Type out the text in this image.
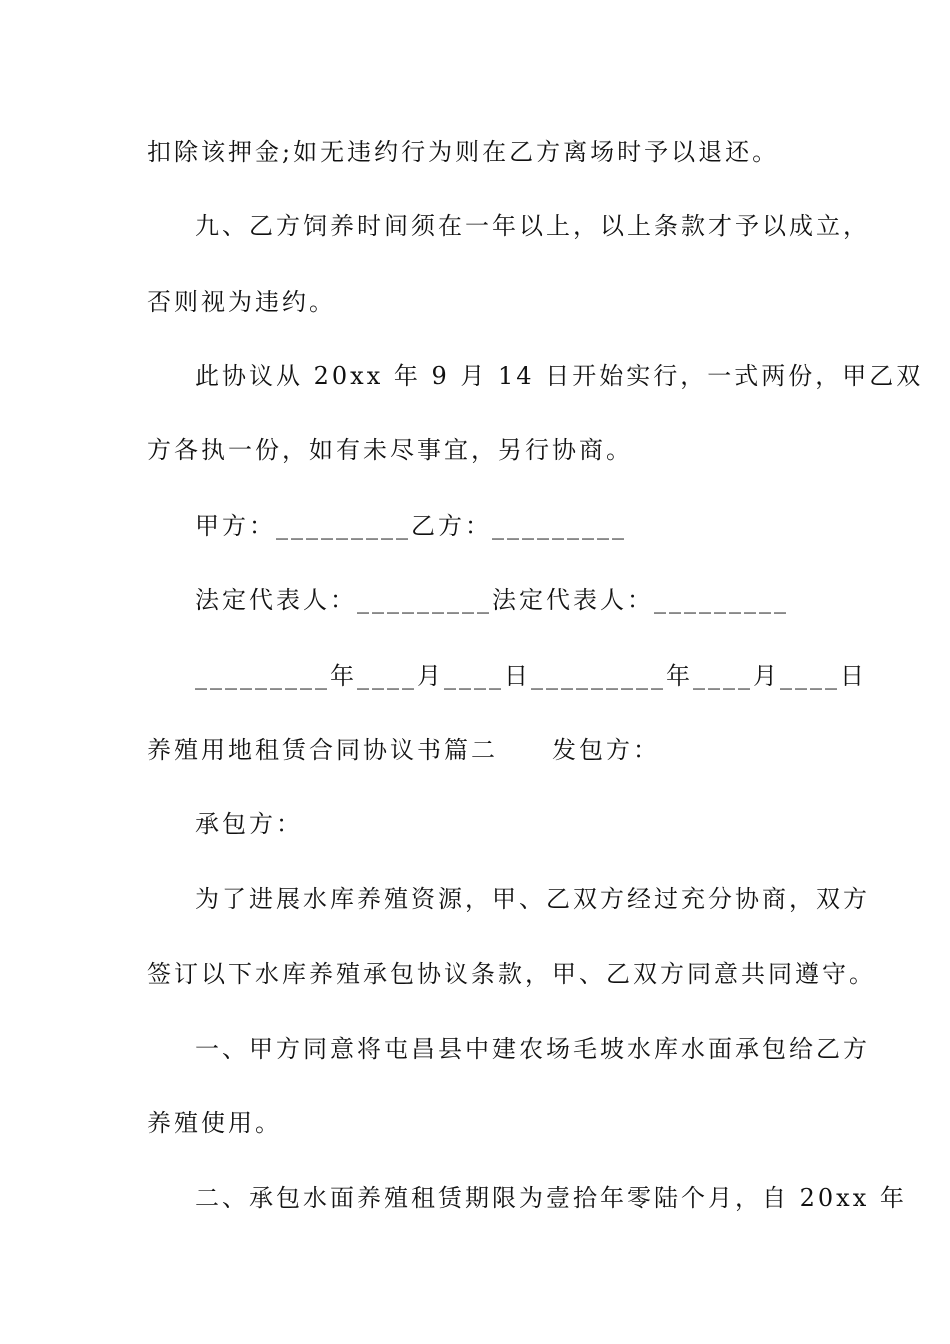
扣除该押金;如无违约行为则在乙方离场时予以退还。
九、乙方饲养时间须在一年以上，以上条款才予以成立，
否则视为违约。
此协议从 20xx 年 9 月 14 日开始实行，一式两份，甲乙双
方各执一份，如有未尽事宜，另行协商。
甲方：_________乙方：_________
法定代表人：_________法定代表人：_________
_________年____月____日_________年____月____日
养殖用地租赁合同协议书篇二　　发包方：
承包方：
为了进展水库养殖资源，甲、乙双方经过充分协商，双方
签订以下水库养殖承包协议条款，甲、乙双方同意共同遵守。
一、甲方同意将屯昌县中建农场毛坡水库水面承包给乙方
养殖使用。
二、承包水面养殖租赁期限为壹拾年零陆个月，自 20xx 年
